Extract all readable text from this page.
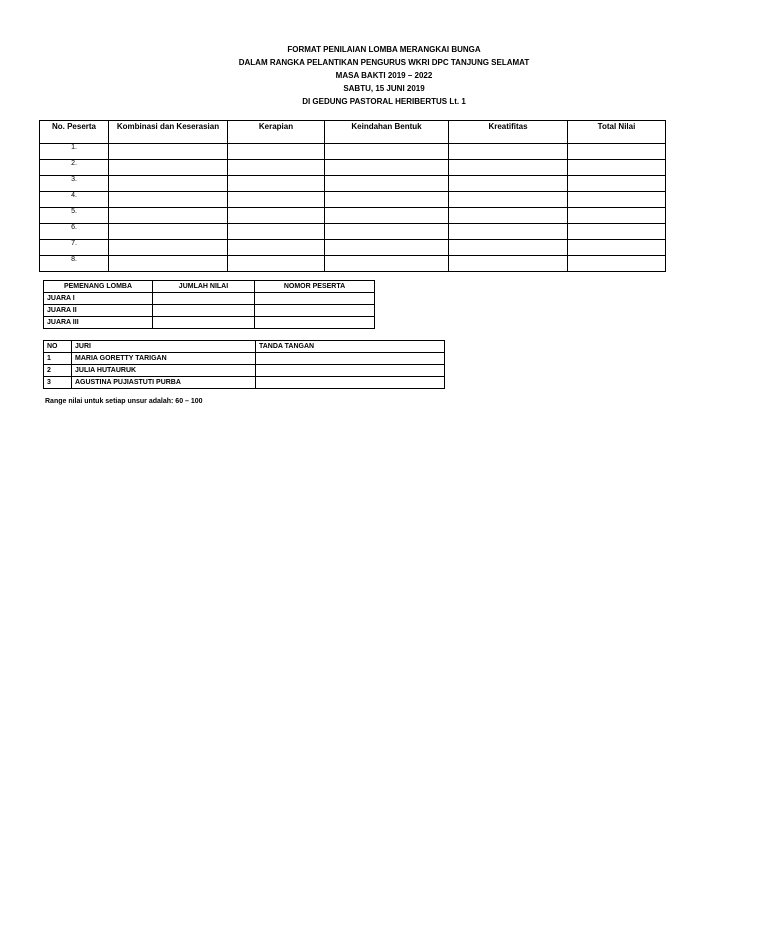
FORMAT PENILAIAN LOMBA MERANGKAI BUNGA
DALAM RANGKA PELANTIKAN PENGURUS WKRI DPC TANJUNG SELAMAT
MASA BAKTI 2019 – 2022
SABTU, 15 JUNI 2019
DI GEDUNG PASTORAL HERIBERTUS Lt. 1
No. Peserta	Kombinasi dan Keserasian	Kerapian	Keindahan Bentuk	Kreatifitas	Total Nilai
1.					
2.					
3.					
4.					
5.					
6.					
7.					
8.					
PEMENANG LOMBA	JUMLAH NILAI	NOMOR PESERTA
JUARA I		
JUARA II		
JUARA III		
NO	JURI	TANDA TANGAN
1	MARIA GORETTY TARIGAN	
2	JULIA HUTAURUK	
3	AGUSTINA PUJIASTUTI PURBA	
Range nilai untuk setiap unsur adalah: 60 – 100
